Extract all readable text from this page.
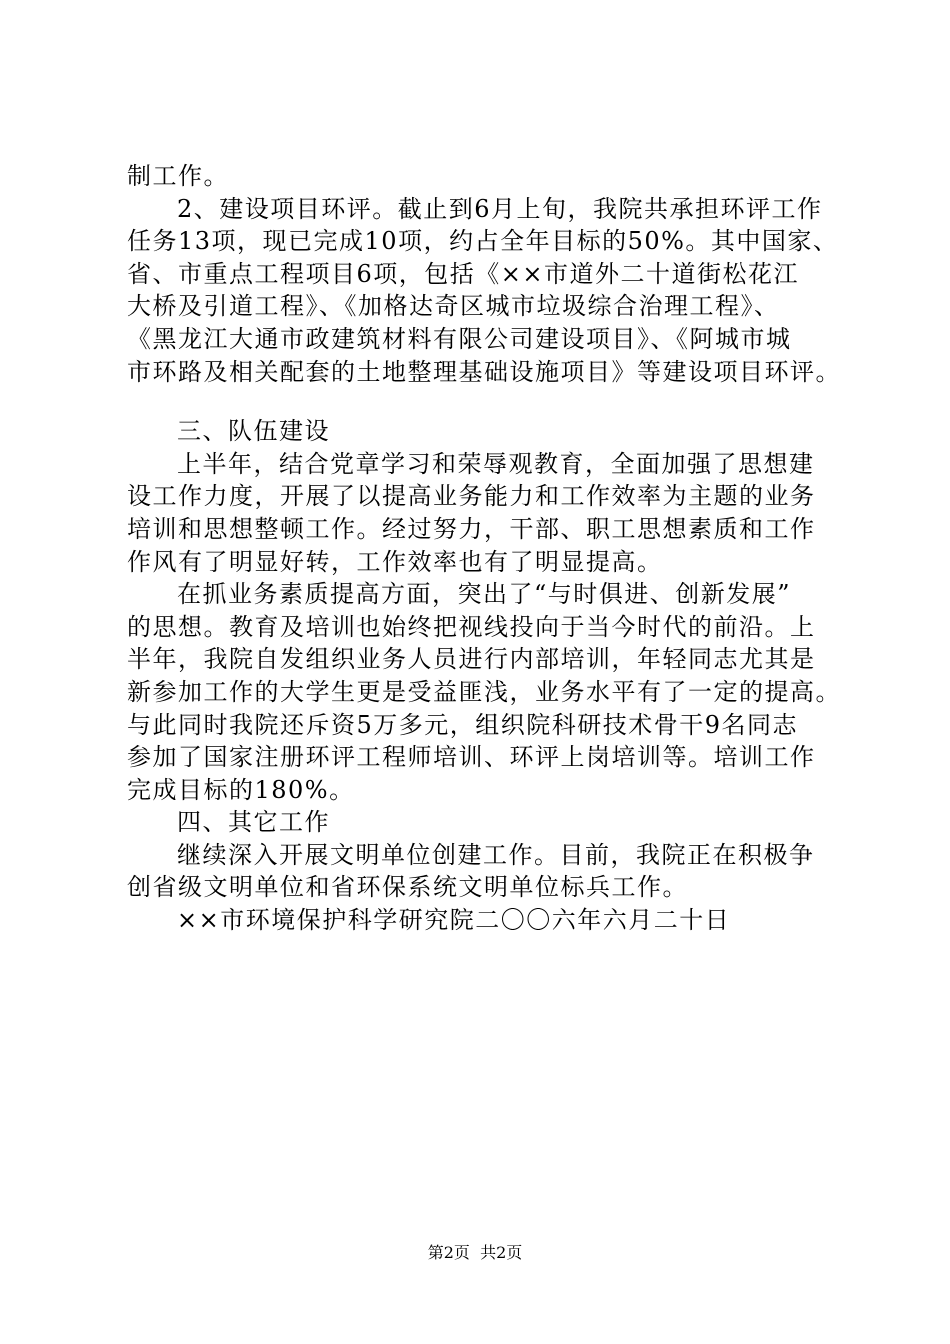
制工作。
2、建设项目环评。截止到6月上旬，我院共承担环评工作
任务13项，现已完成10项，约占全年目标的50%。其中国家、
省、市重点工程项目6项，包括《××市道外二十道街松花江
大桥及引道工程》、《加格达奇区城市垃圾综合治理工程》、
《黑龙江大通市政建筑材料有限公司建设项目》、《阿城市城
市环路及相关配套的土地整理基础设施项目》等建设项目环评。
三、队伍建设
上半年，结合党章学习和荣辱观教育，全面加强了思想建
设工作力度，开展了以提高业务能力和工作效率为主题的业务
培训和思想整顿工作。经过努力，干部、职工思想素质和工作
作风有了明显好转，工作效率也有了明显提高。
在抓业务素质提高方面，突出了“与时俱进、创新发展”
的思想。教育及培训也始终把视线投向于当今时代的前沿。上
半年，我院自发组织业务人员进行内部培训，年轻同志尤其是
新参加工作的大学生更是受益匪浅，业务水平有了一定的提高。
与此同时我院还斥资5万多元，组织院科研技术骨干9名同志
参加了国家注册环评工程师培训、环评上岗培训等。培训工作
完成目标的180%。
四、其它工作
继续深入开展文明单位创建工作。目前，我院正在积极争
创省级文明单位和省环保系统文明单位标兵工作。
××市环境保护科学研究院二〇〇六年六月二十日
第2页  共2页
